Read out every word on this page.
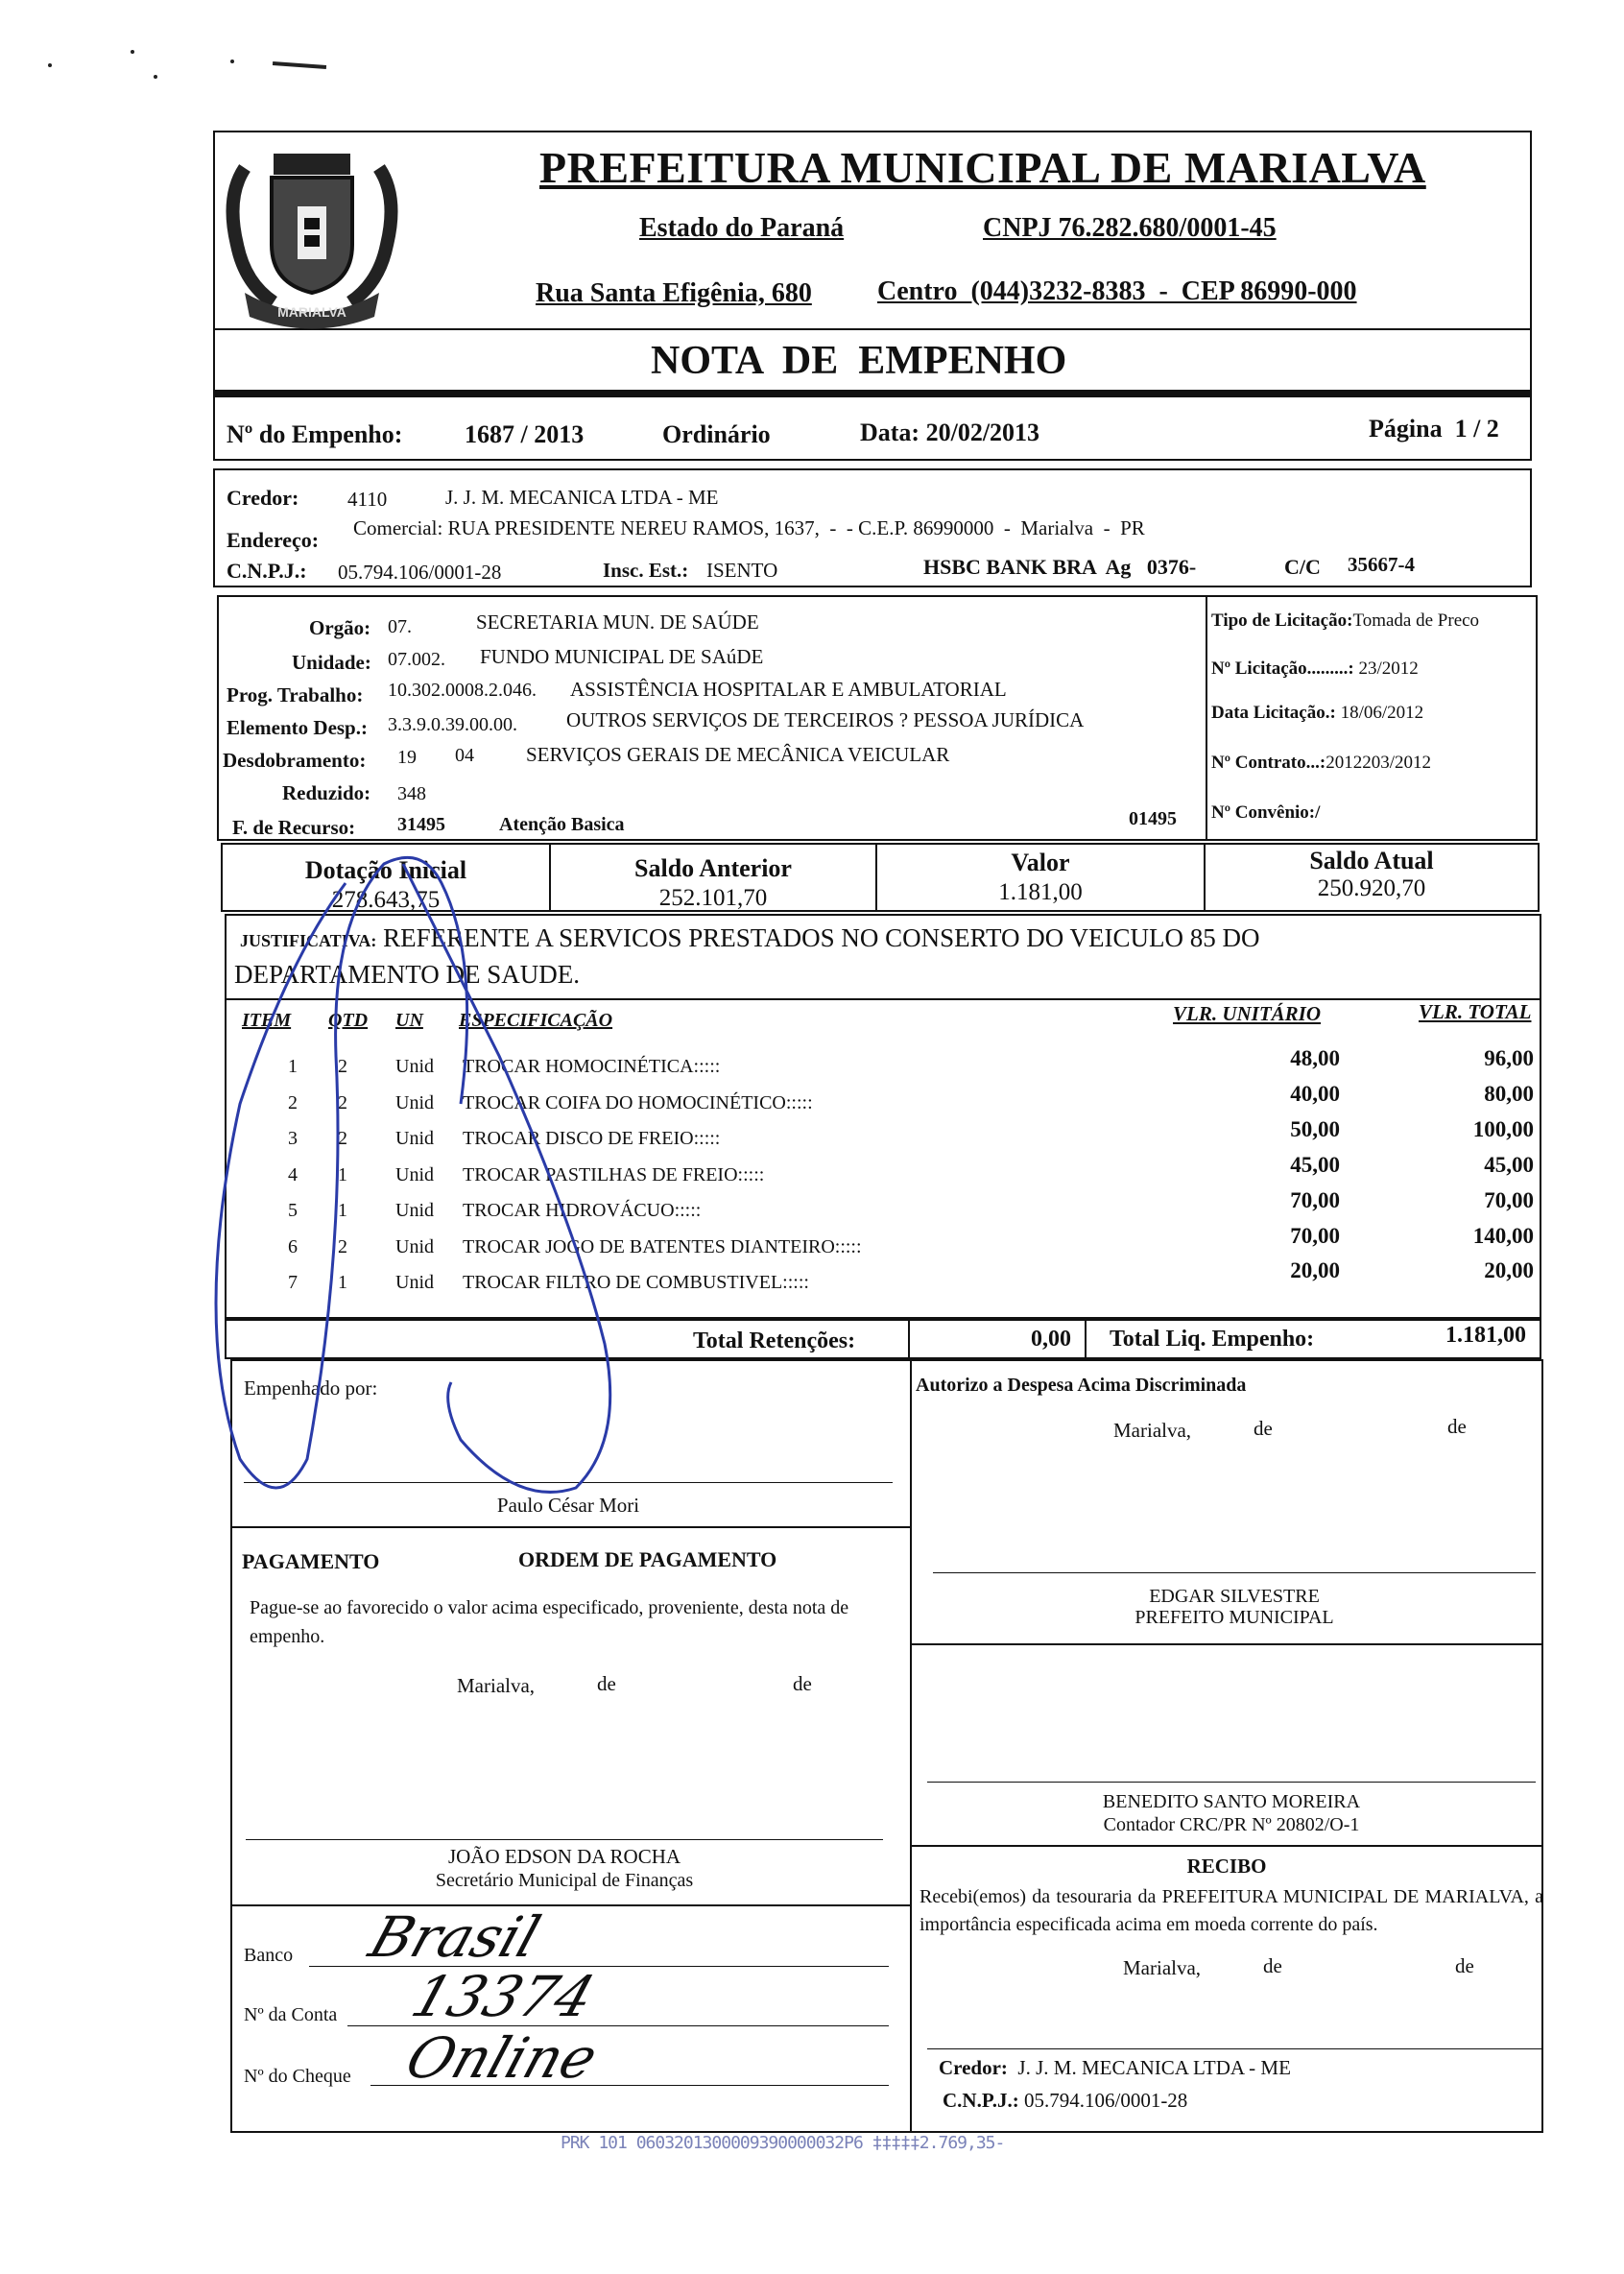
MARIALVA
PREFEITURA MUNICIPAL DE MARIALVA
Estado do Paraná	CNPJ 76.282.680/0001-45
Rua Santa Efigênia, 680 Centro  (044)3232-8383  -  CEP 86990-000
NOTA  DE  EMPENHO
Nº do Empenho: 1687 / 2013	Ordinário	Data: 20/02/2013	Página  1 / 2
Credor: 4110	J. J. M. MECANICA LTDA - ME
Endereço: Comercial: RUA PRESIDENTE NEREU RAMOS, 1637,  -  - C.E.P. 86990000  -  Marialva  -  PR
C.N.P.J.: 05.794.106/0001-28	Insc. Est.: ISENTO	HSBC BANK BRA  Ag   0376-	C/C 35667-4
Orgão: 07.	SECRETARIA MUN. DE SAÚDE
Unidade: 07.002. FUNDO MUNICIPAL DE SAúDE
Prog. Trabalho: 10.302.0008.2.046. ASSISTÊNCIA HOSPITALAR E AMBULATORIAL
Elemento Desp.: 3.3.9.0.39.00.00. OUTROS SERVIÇOS DE TERCEIROS ? PESSOA JURÍDICA
Desdobramento: 19 04	SERVIÇOS GERAIS DE MECÂNICA VEICULAR
Reduzido: 348
F. de Recurso: 31495	Atenção Basica	01495
Tipo de Licitação:Tomada de Preco
Nº Licitação.........: 23/2012
Data Licitação.: 18/06/2012
Nº Contrato...:2012203/2012
Nº Convênio:/
Dotação Inicial
278.643,75
Saldo Anterior
252.101,70
Valor
1.181,00
Saldo Atual
250.920,70
JUSTIFICATIVA: REFERENTE A SERVICOS PRESTADOS NO CONSERTO DO VEICULO 85 DO
DEPARTAMENTO DE SAUDE.
ITEM QTD UN ESPECIFICAÇÃO	VLR. UNITÁRIO	VLR. TOTAL
1 2	Unid TROCAR HOMOCINÉTICA:::::	48,00	96,00
2 2	Unid TROCAR COIFA DO HOMOCINÉTICO:::::	40,00	80,00
3 2	Unid TROCAR DISCO DE FREIO:::::	50,00	100,00
4 1	Unid TROCAR PASTILHAS DE FREIO:::::	45,00	45,00
5 1	Unid TROCAR HIDROVÁCUO:::::	70,00	70,00
6 2	Unid TROCAR JOGO DE BATENTES DIANTEIRO:::::	70,00	140,00
7 1	Unid TROCAR FILTRO DE COMBUSTIVEL:::::	20,00	20,00
Total Retenções:	0,00 Total Liq. Empenho:	1.181,00
Empenhado por:
Paulo César Mori
PAGAMENTO	ORDEM DE PAGAMENTO
Pague-se ao favorecido o valor acima especificado, proveniente, desta nota de empenho.
Marialva,	de	de
JOÃO EDSON DA ROCHA
Secretário Municipal de Finanças
Banco Brasil
Nº da Conta 13374
Nº do Cheque Online
Autorizo a Despesa Acima Discriminada
Marialva,	de	de
EDGAR SILVESTRE
PREFEITO MUNICIPAL
BENEDITO SANTO MOREIRA
Contador CRC/PR Nº 20802/O-1
RECIBO
Recebi(emos) da tesouraria da PREFEITURA MUNICIPAL DE MARIALVA, a importância especificada acima em moeda corrente do país.
Marialva,	de	de
Credor: J. J. M. MECANICA LTDA - ME
C.N.P.J.: 05.794.106/0001-28
PRK 101 0603201300009390000032P6 ‡‡‡‡‡2.769,35-
